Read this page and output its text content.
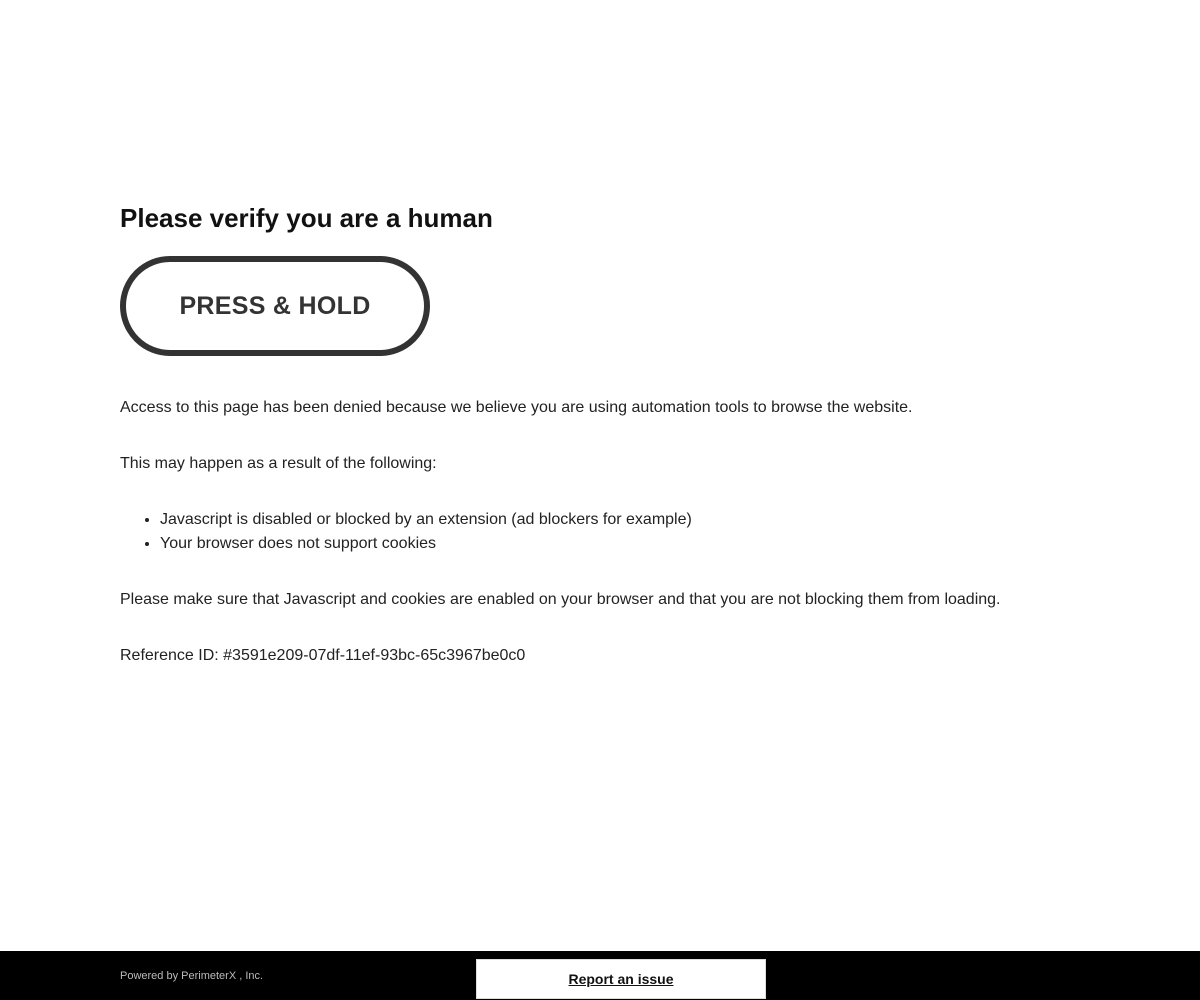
Please verify you are a human
PRESS & HOLD

Access to this page has been denied because we believe you are using automation tools to browse the website.

This may happen as a result of the following:

• Javascript is disabled or blocked by an extension (ad blockers for example)
• Your browser does not support cookies

Please make sure that Javascript and cookies are enabled on your browser and that you are not blocking them from loading.

Reference ID: #3591e209-07df-11ef-93bc-65c3967be0c0

Powered by PerimeterX , Inc.	Report an issue
